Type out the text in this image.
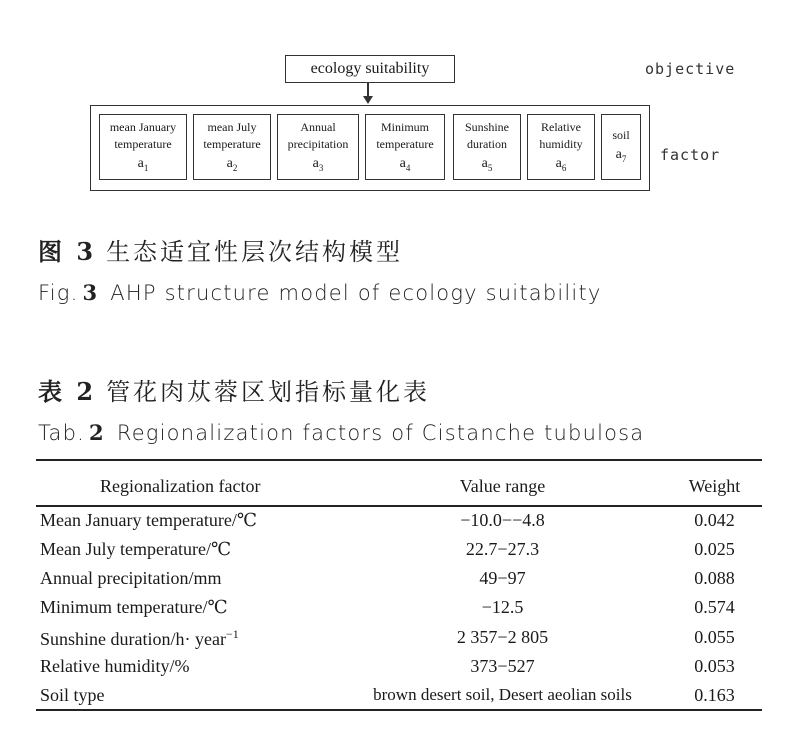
ecology suitability	objective
factor
mean January
temperature
$a_1$
mean July
temperature
$a_2$
Annual
precipitation
$a_3$
Minimum
temperature
$a_4$
Sunshine
duration
$a_5$
Relative
humidity
$a_6$
soil
$a_7$
图 3 生态适宜性层次结构模型
Fig. 3 AHP structure model of ecology suitability
表 2 管花肉苁蓉区划指标量化表
Tab. 2 Regionalization factors of Cistanche tubulosa
Regionalization factor	Value range	Weight
Mean January temperature/℃	−10.0−−4.8	0.042
Mean July temperature/℃	22.7−27.3	0.025
Annual precipitation/mm	49−97	0.088
Minimum temperature/℃	−12.5	0.574
Sunshine duration/h· year$^{-1}$	2 357−2 805	0.055
Relative humidity/%	373−527	0.053
Soil type	brown desert soil, Desert aeolian soils	0.163
